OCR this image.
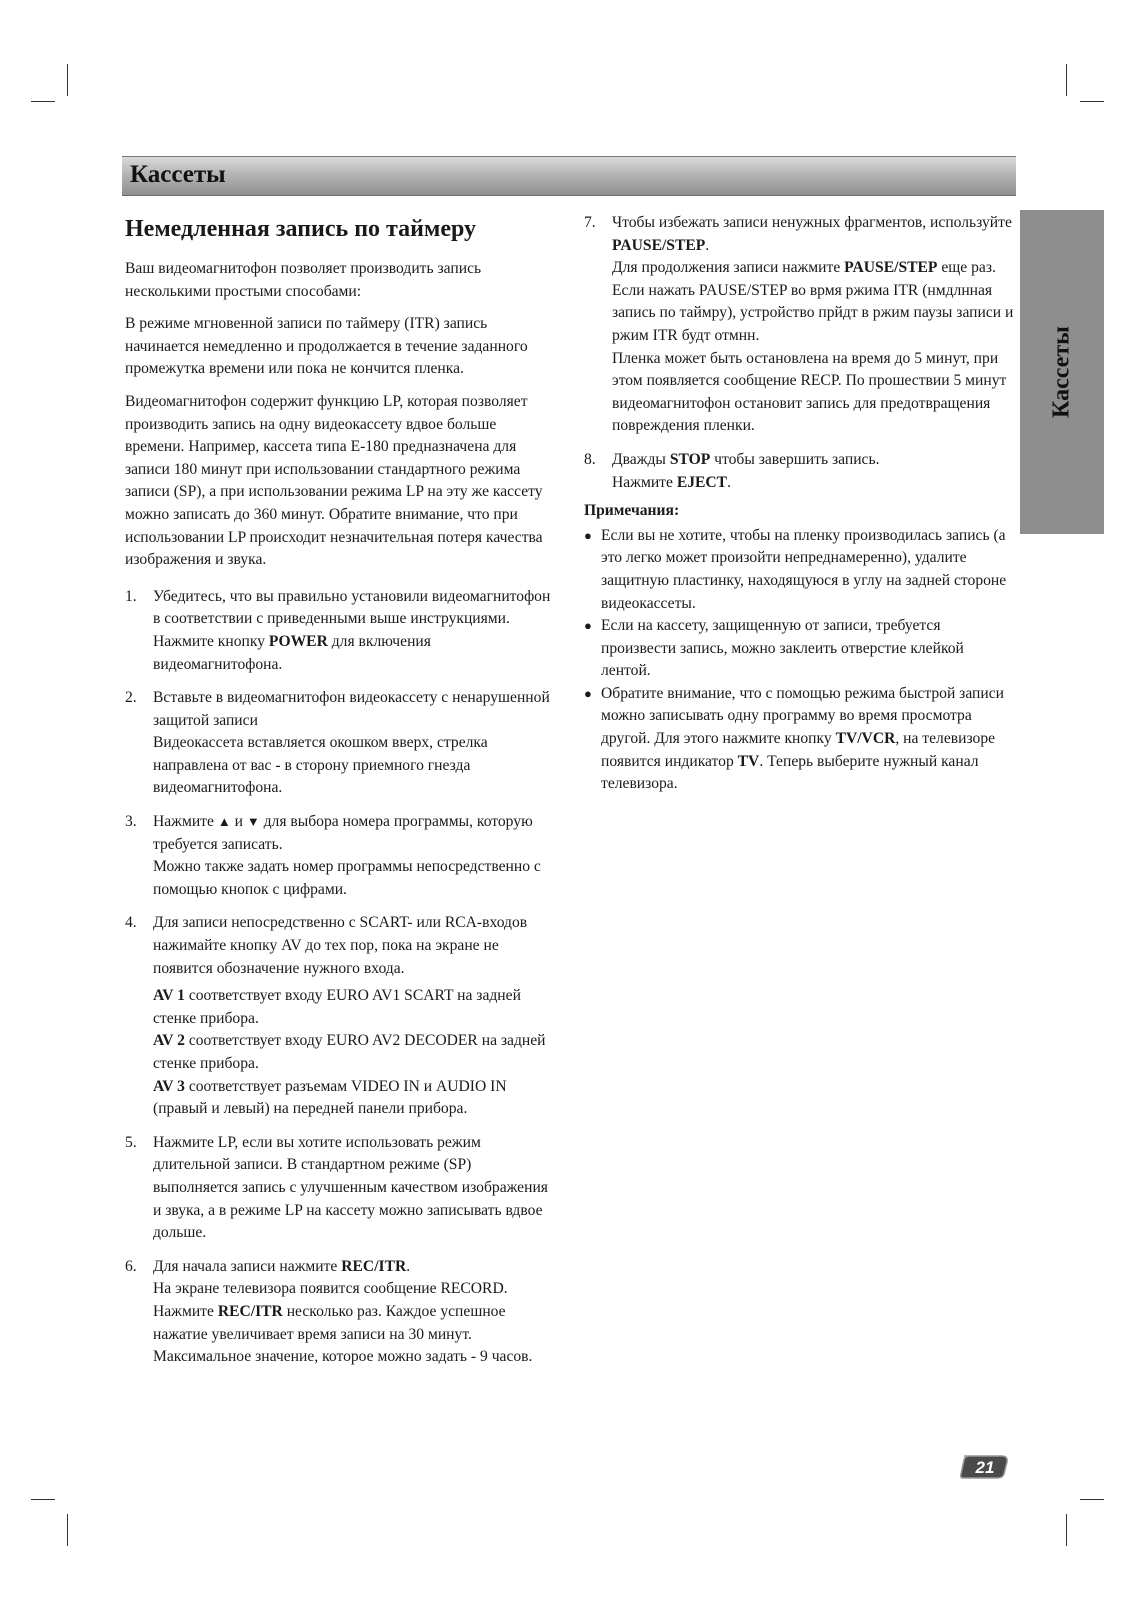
Кассеты
Кассеты
Немедленная запись по таймеру

Ваш видеомагнитофон позволяет производить запись несколькими простыми способами:

В режиме мгновенной записи по таймеру (ITR) запись начинается немедленно и продолжается в течение заданного промежутка времени или пока не кончится пленка.

Видеомагнитофон содержит функцию LP, которая позволяет производить запись на одну видеокассету вдвое больше времени. Например, кассета типа E-180 предназначена для записи 180 минут при использовании стандартного режима записи (SP), а при использовании режима LP на эту же кассету можно записать до 360 минут. Обратите внимание, что при использовании LP происходит незначительная потеря качества изображения и звука.

1. Убедитесь, что вы правильно установили видеомагнитофон в соответствии с приведенными выше инструкциями. Нажмите кнопку POWER для включения видеомагнитофона.
2. Вставьте в видеомагнитофон видеокассету с ненарушенной защитой записи
Видеокассета вставляется окошком вверх, стрелка направлена от вас - в сторону приемного гнезда видеомагнитофона.
3. Нажмите ▲ и ▼ для выбора номера программы, которую требуется записать.
Можно также задать номер программы непосредственно с помощью кнопок с цифрами.
4. Для записи непосредственно с SCART- или RCA-входов нажимайте кнопку AV до тех пор, пока на экране не появится обозначение нужного входа.
AV 1 соответствует входу EURO AV1 SCART на задней стенке прибора.
AV 2 соответствует входу EURO AV2 DECODER на задней стенке прибора.
AV 3 соответствует разъемам VIDEO IN и AUDIO IN (правый и левый) на передней панели прибора.
5. Нажмите LP, если вы хотите использовать режим длительной записи. В стандартном режиме (SP) выполняется запись с улучшенным качеством изображения и звука, а в режиме LP на кассету можно записывать вдвое дольше.
6. Для начала записи нажмите REC/ITR.
На экране телевизора появится сообщение RECORD.
Нажмите REC/ITR несколько раз. Каждое успешное нажатие увеличивает время записи на 30 минут. Максимальное значение, которое можно задать - 9 часов.
7. Чтобы избежать записи ненужных фрагментов, используйте PAUSE/STEP.
Для продолжения записи нажмите PAUSE/STEP еще раз. Если нажать PAUSE/STEP во врмя ржима ITR (нмдлнная запись по таймру), устройство прйдт в ржим паузы записи и ржим ITR будт отмнн.
Пленка может быть остановлена на время до 5 минут, при этом появляется сообщение RECP. По прошествии 5 минут видеомагнитофон остановит запись для предотвращения повреждения пленки.
8. Дважды STOP чтобы завершить запись.
Нажмите EJECT.
Примечания:
● Если вы не хотите, чтобы на пленку производилась запись (а это легко может произойти непреднамеренно), удалите защитную пластинку, находящуюся в углу на задней стороне видеокассеты.
● Если на кассету, защищенную от записи, требуется произвести запись, можно заклеить отверстие клейкой лентой.
● Обратите внимание, что с помощью режима быстрой записи можно записывать одну программу во время просмотра другой. Для этого нажмите кнопку TV/VCR, на телевизоре появится индикатор TV. Теперь выберите нужный канал телевизора.
21
